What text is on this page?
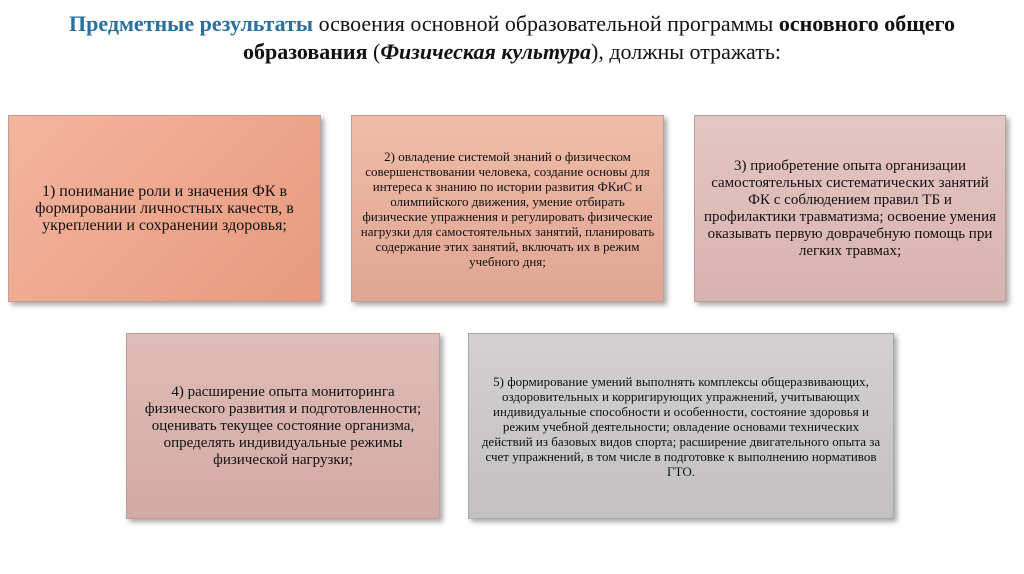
Предметные результаты освоения основной образовательной программы основного общего образования (Физическая культура), должны отражать:
1) понимание роли и значения ФК в формировании личностных качеств, в укреплении и сохранении здоровья;
2) овладение системой знаний о физическом совершенствовании человека, создание основы для интереса к знанию по истории развития ФКиС и олимпийского движения, умение отбирать физические упражнения и регулировать физические нагрузки для самостоятельных занятий, планировать содержание этих занятий, включать их в режим учебного дня;
3) приобретение опыта организации самостоятельных систематических занятий ФК с соблюдением правил ТБ и профилактики травматизма; освоение умения оказывать первую доврачебную помощь при легких травмах;
4) расширение опыта мониторинга физического развития и подготовленности; оценивать текущее состояние организма, определять индивидуальные режимы физической нагрузки;
5) формирование умений выполнять комплексы общеразвивающих, оздоровительных и корригирующих упражнений, учитывающих индивидуальные способности и особенности, состояние здоровья и режим учебной деятельности; овладение основами технических действий из базовых видов спорта; расширение двигательного опыта за счет упражнений, в том числе в подготовке к выполнению нормативов ГТО.
